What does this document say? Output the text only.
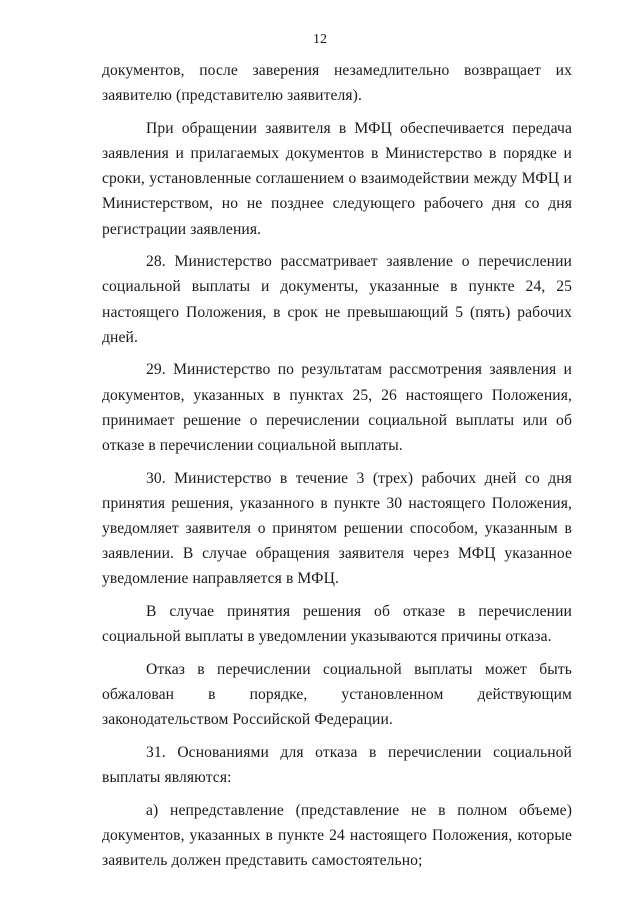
12

документов, после заверения незамедлительно возвращает их заявителю (представителю заявителя).

При обращении заявителя в МФЦ обеспечивается передача заявления и прилагаемых документов в Министерство в порядке и сроки, установленные соглашением о взаимодействии между МФЦ и Министерством, но не позднее следующего рабочего дня со дня регистрации заявления.

28. Министерство рассматривает заявление о перечислении социальной выплаты и документы, указанные в пункте 24, 25 настоящего Положения, в срок не превышающий 5 (пять) рабочих дней.

29. Министерство по результатам рассмотрения заявления и документов, указанных в пунктах 25, 26 настоящего Положения, принимает решение о перечислении социальной выплаты или об отказе в перечислении социальной выплаты.

30. Министерство в течение 3 (трех) рабочих дней со дня принятия решения, указанного в пункте 30 настоящего Положения, уведомляет заявителя о принятом решении способом, указанным в заявлении. В случае обращения заявителя через МФЦ указанное уведомление направляется в МФЦ.

В случае принятия решения об отказе в перечислении социальной выплаты в уведомлении указываются причины отказа.

Отказ в перечислении социальной выплаты может быть обжалован в порядке, установленном действующим законодательством Российской Федерации.

31. Основаниями для отказа в перечислении социальной выплаты являются:

а) непредставление (представление не в полном объеме) документов, указанных в пункте 24 настоящего Положения, которые заявитель должен представить самостоятельно;
